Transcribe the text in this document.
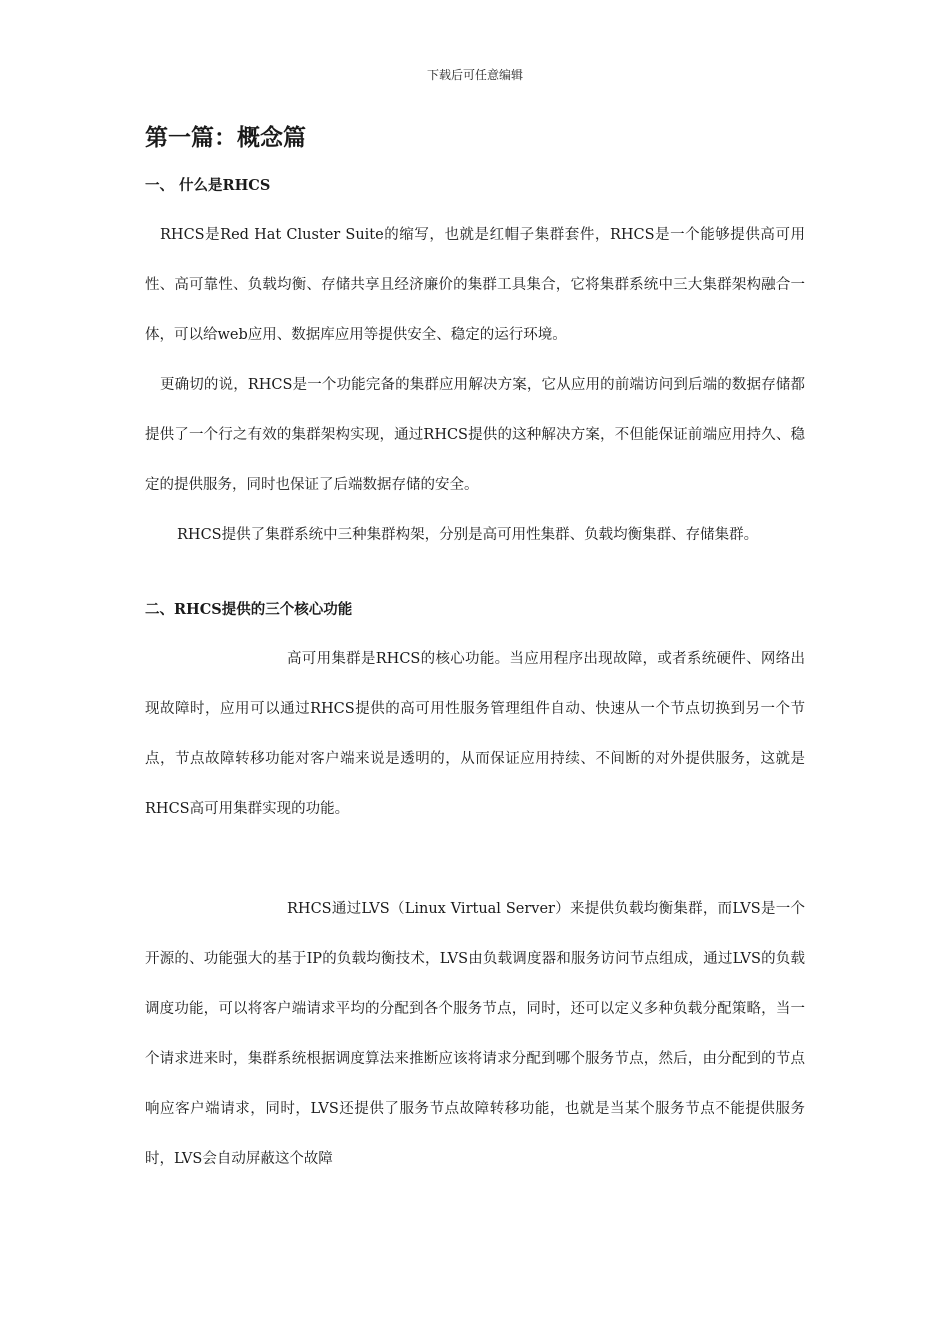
下载后可任意编辑
第一篇：概念篇
一、 什么是RHCS

RHCS是Red Hat Cluster Suite的缩写，也就是红帽子集群套件，RHCS是一个能够提供高可用性、高可靠性、负载均衡、存储共享且经济廉价的集群工具集合，它将集群系统中三大集群架构融合一体，可以给web应用、数据库应用等提供安全、稳定的运行环境。

更确切的说，RHCS是一个功能完备的集群应用解决方案，它从应用的前端访问到后端的数据存储都提供了一个行之有效的集群架构实现，通过RHCS提供的这种解决方案，不但能保证前端应用持久、稳定的提供服务，同时也保证了后端数据存储的安全。

RHCS提供了集群系统中三种集群构架，分别是高可用性集群、负载均衡集群、存储集群。

二、RHCS提供的三个核心功能

高可用集群是RHCS的核心功能。当应用程序出现故障，或者系统硬件、网络出现故障时，应用可以通过RHCS提供的高可用性服务管理组件自动、快速从一个节点切换到另一个节点，节点故障转移功能对客户端来说是透明的，从而保证应用持续、不间断的对外提供服务，这就是RHCS高可用集群实现的功能。

RHCS通过LVS（Linux Virtual Server）来提供负载均衡集群，而LVS是一个开源的、功能强大的基于IP的负载均衡技术，LVS由负载调度器和服务访问节点组成，通过LVS的负载调度功能，可以将客户端请求平均的分配到各个服务节点，同时，还可以定义多种负载分配策略，当一个请求进来时，集群系统根据调度算法来推断应该将请求分配到哪个服务节点，然后，由分配到的节点响应客户端请求，同时，LVS还提供了服务节点故障转移功能，也就是当某个服务节点不能提供服务时，LVS会自动屏蔽这个故障
